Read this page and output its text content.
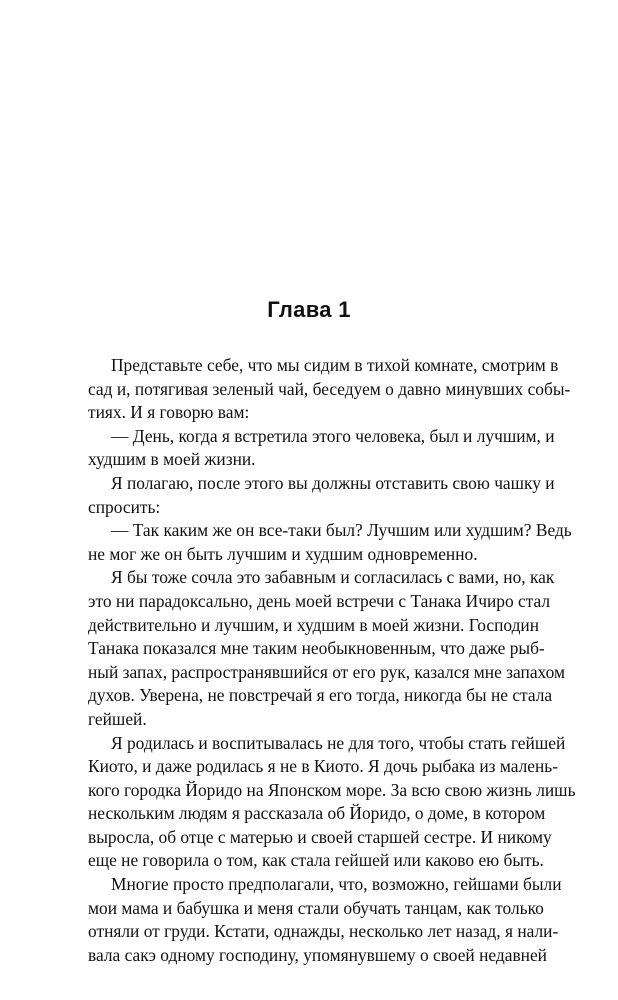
Глава 1
Представьте себе, что мы сидим в тихой комнате, смотрим в
сад и, потягивая зеленый чай, беседуем о давно минувших собы-
тиях. И я говорю вам:
— День, когда я встретила этого человека, был и лучшим, и
худшим в моей жизни.
Я полагаю, после этого вы должны отставить свою чашку и
спросить:
— Так каким же он все-таки был? Лучшим или худшим? Ведь
не мог же он быть лучшим и худшим одновременно.
Я бы тоже сочла это забавным и согласилась с вами, но, как
это ни парадоксально, день моей встречи с Танака Ичиро стал
действительно и лучшим, и худшим в моей жизни. Господин
Танака показался мне таким необыкновенным, что даже рыб-
ный запах, распространявшийся от его рук, казался мне запахом
духов. Уверена, не повстречай я его тогда, никогда бы не стала
гейшей.
Я родилась и воспитывалась не для того, чтобы стать гейшей
Киото, и даже родилась я не в Киото. Я дочь рыбака из малень-
кого городка Йоридо на Японском море. За всю свою жизнь лишь
нескольким людям я рассказала об Йоридо, о доме, в котором
выросла, об отце с матерью и своей старшей сестре. И никому
еще не говорила о том, как стала гейшей или каково ею быть.
Многие просто предполагали, что, возможно, гейшами были
мои мама и бабушка и меня стали обучать танцам, как только
отняли от груди. Кстати, однажды, несколько лет назад, я нали-
вала сакэ одному господину, упомянувшему о своей недавней
